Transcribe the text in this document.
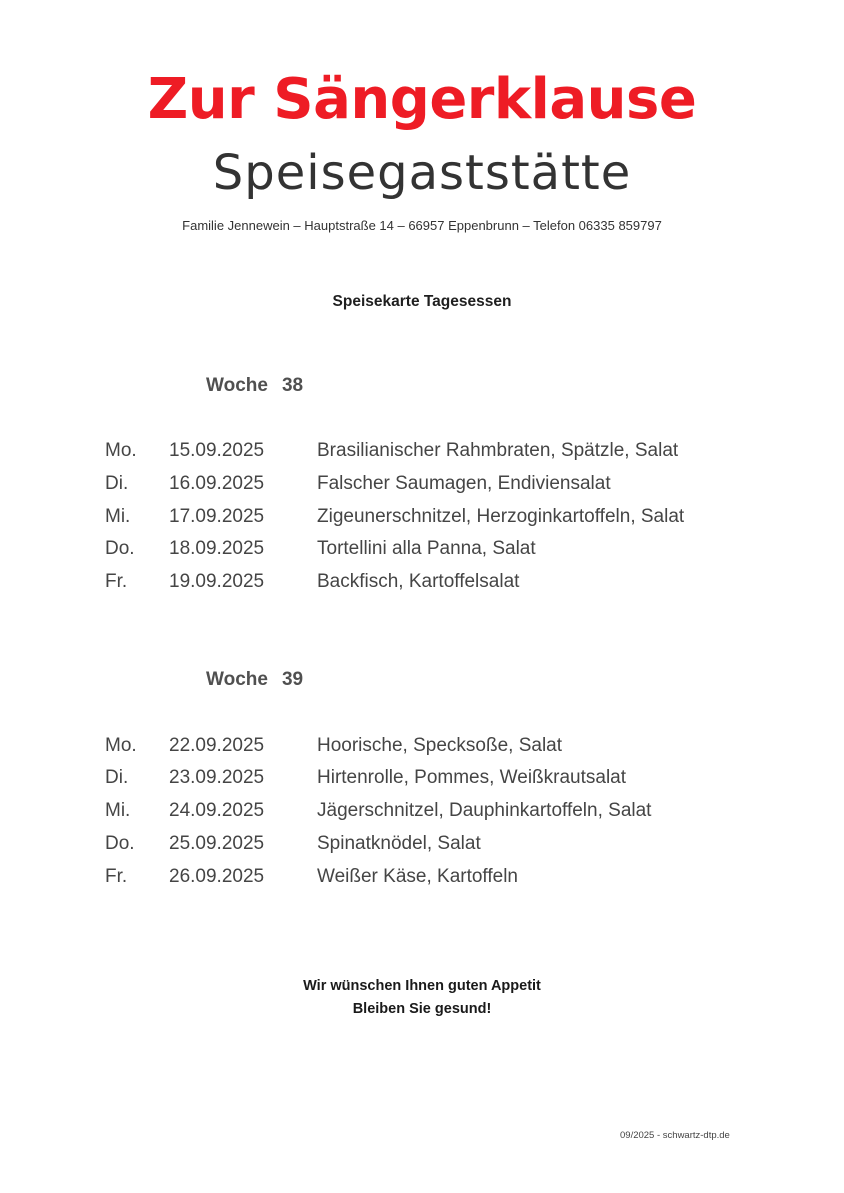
Zur Sängerklause
Speisegaststätte
Familie Jennewein – Hauptstraße 14 – 66957 Eppenbrunn – Telefon 06335 859797
Speisekarte Tagesessen
Woche 38
Mo. 15.09.2025	Brasilianischer Rahmbraten, Spätzle, Salat
Di. 16.09.2025	Falscher Saumagen, Endiviensalat
Mi. 17.09.2025	Zigeunerschnitzel, Herzoginkartoffeln, Salat
Do. 18.09.2025	Tortellini alla Panna, Salat
Fr. 19.09.2025	Backfisch, Kartoffelsalat
Woche 39
Mo. 22.09.2025	Hoorische, Specksoße, Salat
Di. 23.09.2025	Hirtenrolle, Pommes, Weißkrautsalat
Mi. 24.09.2025	Jägerschnitzel, Dauphinkartoffeln, Salat
Do. 25.09.2025	Spinatknödel, Salat
Fr. 26.09.2025	Weißer Käse, Kartoffeln
Wir wünschen Ihnen guten Appetit
Bleiben Sie gesund!
09/2025 - schwartz-dtp.de
